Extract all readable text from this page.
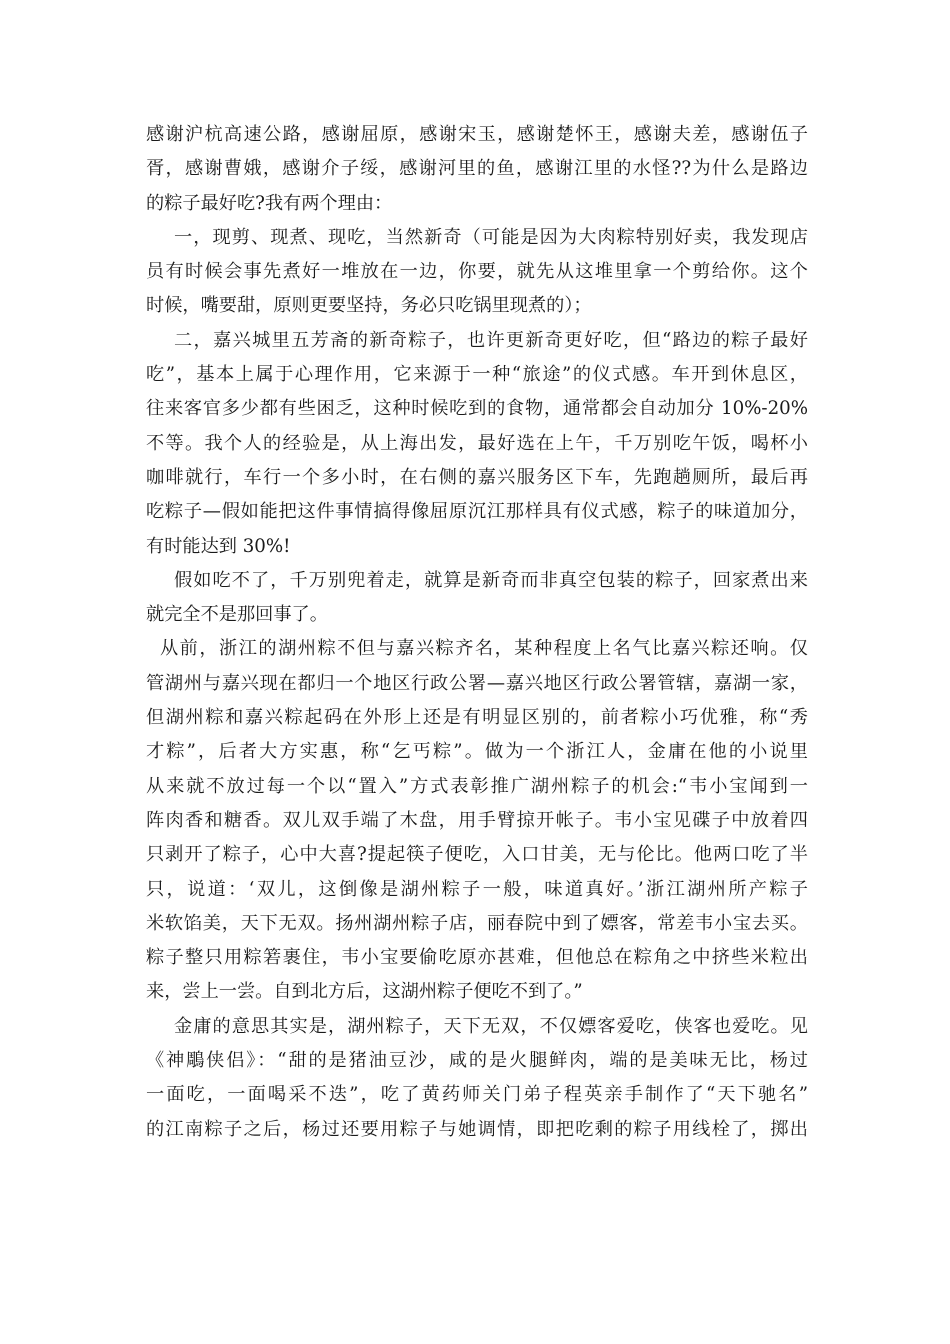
感谢沪杭高速公路，感谢屈原，感谢宋玉，感谢楚怀王，感谢夫差，感谢伍子
胥，感谢曹娥，感谢介子绥，感谢河里的鱼，感谢江里的水怪??为什么是路边
的粽子最好吃?我有两个理由：
一，现剪、现煮、现吃，当然新奇（可能是因为大肉粽特别好卖，我发现店
员有时候会事先煮好一堆放在一边，你要，就先从这堆里拿一个剪给你。这个
时候，嘴要甜，原则更要坚持，务必只吃锅里现煮的）；
二，嘉兴城里五芳斋的新奇粽子，也许更新奇更好吃，但“路边的粽子最好
吃”，基本上属于心理作用，它来源于一种“旅途”的仪式感。车开到休息区，
往来客官多少都有些困乏，这种时候吃到的食物，通常都会自动加分 10%-20%
不等。我个人的经验是，从上海出发，最好选在上午，千万别吃午饭，喝杯小
咖啡就行，车行一个多小时，在右侧的嘉兴服务区下车，先跑趟厕所，最后再
吃粽子—假如能把这件事情搞得像屈原沉江那样具有仪式感，粽子的味道加分，
有时能达到 30%!
假如吃不了，千万别兜着走，就算是新奇而非真空包装的粽子，回家煮出来
就完全不是那回事了。
从前，浙江的湖州粽不但与嘉兴粽齐名，某种程度上名气比嘉兴粽还响。仅
管湖州与嘉兴现在都归一个地区行政公署—嘉兴地区行政公署管辖，嘉湖一家，
但湖州粽和嘉兴粽起码在外形上还是有明显区别的，前者粽小巧优雅，称“秀
才粽”，后者大方实惠，称“乞丐粽”。做为一个浙江人，金庸在他的小说里
从来就不放过每一个以“置入”方式表彰推广湖州粽子的机会:“韦小宝闻到一
阵肉香和糖香。双儿双手端了木盘，用手臂掠开帐子。韦小宝见碟子中放着四
只剥开了粽子，心中大喜?提起筷子便吃，入口甘美，无与伦比。他两口吃了半
只，说道：‘双儿，这倒像是湖州粽子一般，味道真好。’浙江湖州所产粽子
米软馅美，天下无双。扬州湖州粽子店，丽春院中到了嫖客，常差韦小宝去买。
粽子整只用粽箬裹住，韦小宝要偷吃原亦甚难，但他总在粽角之中挤些米粒出
来，尝上一尝。自到北方后，这湖州粽子便吃不到了。”
金庸的意思其实是，湖州粽子，天下无双，不仅嫖客爱吃，侠客也爱吃。见
《神鵰侠侣》：“甜的是猪油豆沙，咸的是火腿鲜肉，端的是美味无比，杨过
一面吃，一面喝采不迭”，吃了黄药师关门弟子程英亲手制作了“天下驰名”
的江南粽子之后，杨过还要用粽子与她调情，即把吃剩的粽子用线栓了，掷出
